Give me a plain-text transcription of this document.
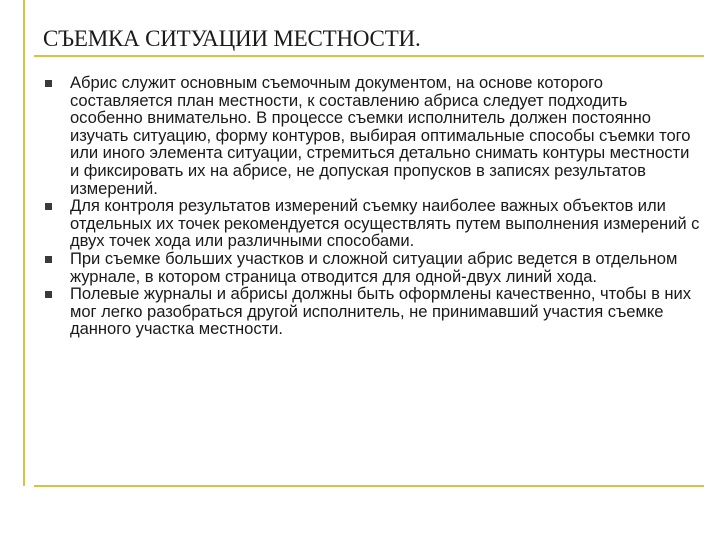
СЪЕМКА СИТУАЦИИ МЕСТНОСТИ.
Абрис служит основным съемочным документом, на основе которого составляется план местности, к составлению абриса следует подходить особенно внимательно. В процессе съемки исполнитель должен постоянно изучать ситуацию, форму контуров, выбирая оптимальные способы съемки того или иного элемента ситуации, стремиться детально снимать контуры местности и фиксировать их на абрисе, не допуская пропусков в записях результатов измерений.
Для контроля результатов измерений съемку наиболее важных объектов или отдельных их точек рекомендуется осуществлять путем выполнения измерений с двух точек хода или различными способами.
При съемке больших участков и сложной ситуации абрис ведется в отдельном журнале, в котором страница отводится для одной-двух линий хода.
Полевые журналы и абрисы должны быть оформлены качественно, чтобы в них мог легко разобраться другой исполнитель, не принимавший участия съемке данного участка местности.
